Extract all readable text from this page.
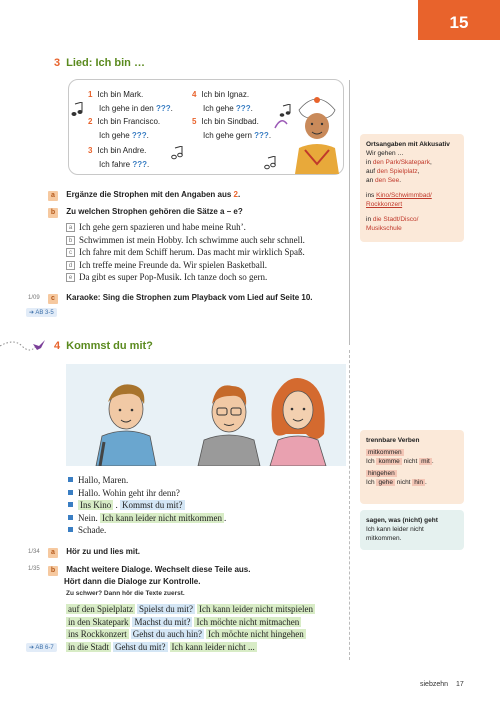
15
3 Lied: Ich bin …
1 Ich bin Mark.
Ich gehe in den ???.
2 Ich bin Francisco.
Ich gehe ???.
3 Ich bin Andre.
Ich fahre ???.
4 Ich bin Ignaz.
Ich gehe ???.
5 Ich bin Sindbad.
Ich gehe gern ???.
a Ergänze die Strophen mit den Angaben aus 2.
b Zu welchen Strophen gehören die Sätze a – e?
a Ich gehe gern spazieren und habe meine Ruh’.
b Schwimmen ist mein Hobby. Ich schwimme auch sehr schnell.
c Ich fahre mit dem Schiff herum. Das macht mir wirklich Spaß.
d Ich treffe meine Freunde da. Wir spielen Basketball.
e Da gibt es super Pop-Musik. Ich tanze doch so gern.
1/09	c Karaoke: Sing die Strophen zum Playback vom Lied auf Seite 10.
➔ AB 3-5
Ortsangaben mit Akkusativ
Wir gehen …
in den Park/Skatepark,
auf den Spielplatz,
an den See.
ins Kino/Schwimmbad/
Rockkonzert
in die Stadt/Disco/
Musikschule
4 Kommst du mit?
Hallo, Maren.
Hallo. Wohin geht ihr denn?
Ins Kino . Kommst du mit?
Nein. Ich kann leider nicht mitkommen .
Schade.
1/34	a Hör zu und lies mit.
1/35	b Macht weitere Dialoge. Wechselt diese Teile aus.
Hört dann die Dialoge zur Kontrolle.
Zu schwer? Dann hör die Texte zuerst.
auf den Spielplatz Spielst du mit? Ich kann leider nicht mitspielen
in den Skatepark Machst du mit? Ich möchte nicht mitmachen
ins Rockkonzert Gehst du auch hin? Ich möchte nicht hingehen
in die Stadt Gehst du mit? Ich kann leider nicht ...
➔ AB 6-7
trennbare Verben
mitkommen
Ich komme nicht mit .
hingehen
Ich gehe nicht hin .
sagen, was (nicht) geht
Ich kann leider nicht
mitkommen.
siebzehn 17
